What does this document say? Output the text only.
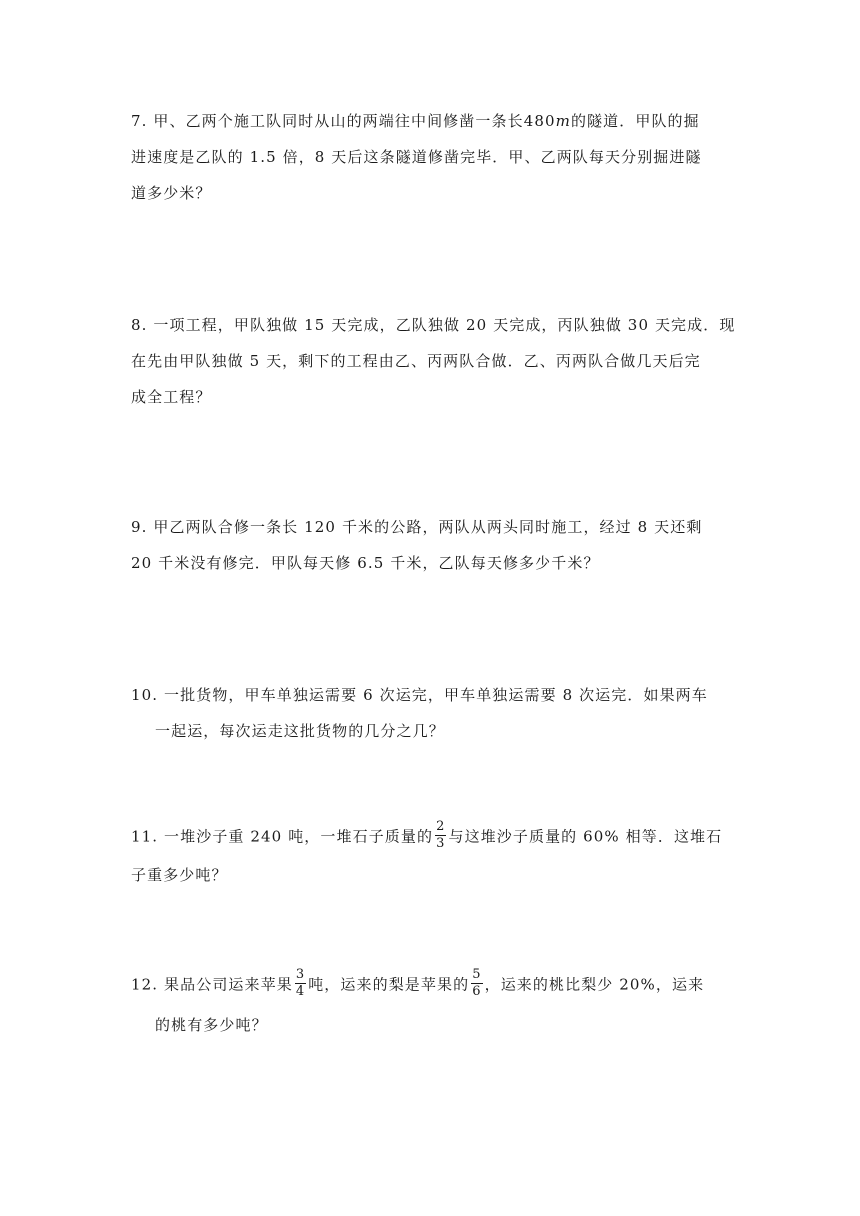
7. 甲、乙两个施工队同时从山的两端往中间修凿一条长480m的隧道．甲队的掘
进速度是乙队的 1.5 倍，8 天后这条隧道修凿完毕．甲、乙两队每天分别掘进隧
道多少米？
8. 一项工程，甲队独做 15 天完成，乙队独做 20 天完成，丙队独做 30 天完成．现
在先由甲队独做 5 天，剩下的工程由乙、丙两队合做．乙、丙两队合做几天后完
成全工程？
9. 甲乙两队合修一条长 120 千米的公路，两队从两头同时施工，经过 8 天还剩
20 千米没有修完．甲队每天修 6.5 千米，乙队每天修多少千米？
10. 一批货物，甲车单独运需要 6 次运完，甲车单独运需要 8 次运完．如果两车
一起运，每次运走这批货物的几分之几？
11. 一堆沙子重 240 吨，一堆石子质量的 $\frac{2}{3}$ 与这堆沙子质量的 60% 相等．这堆石
子重多少吨？
12. 果品公司运来苹果 $\frac{3}{4}$ 吨，运来的梨是苹果的 $\frac{5}{6}$ ，运来的桃比梨少 20%，运来
的桃有多少吨？
